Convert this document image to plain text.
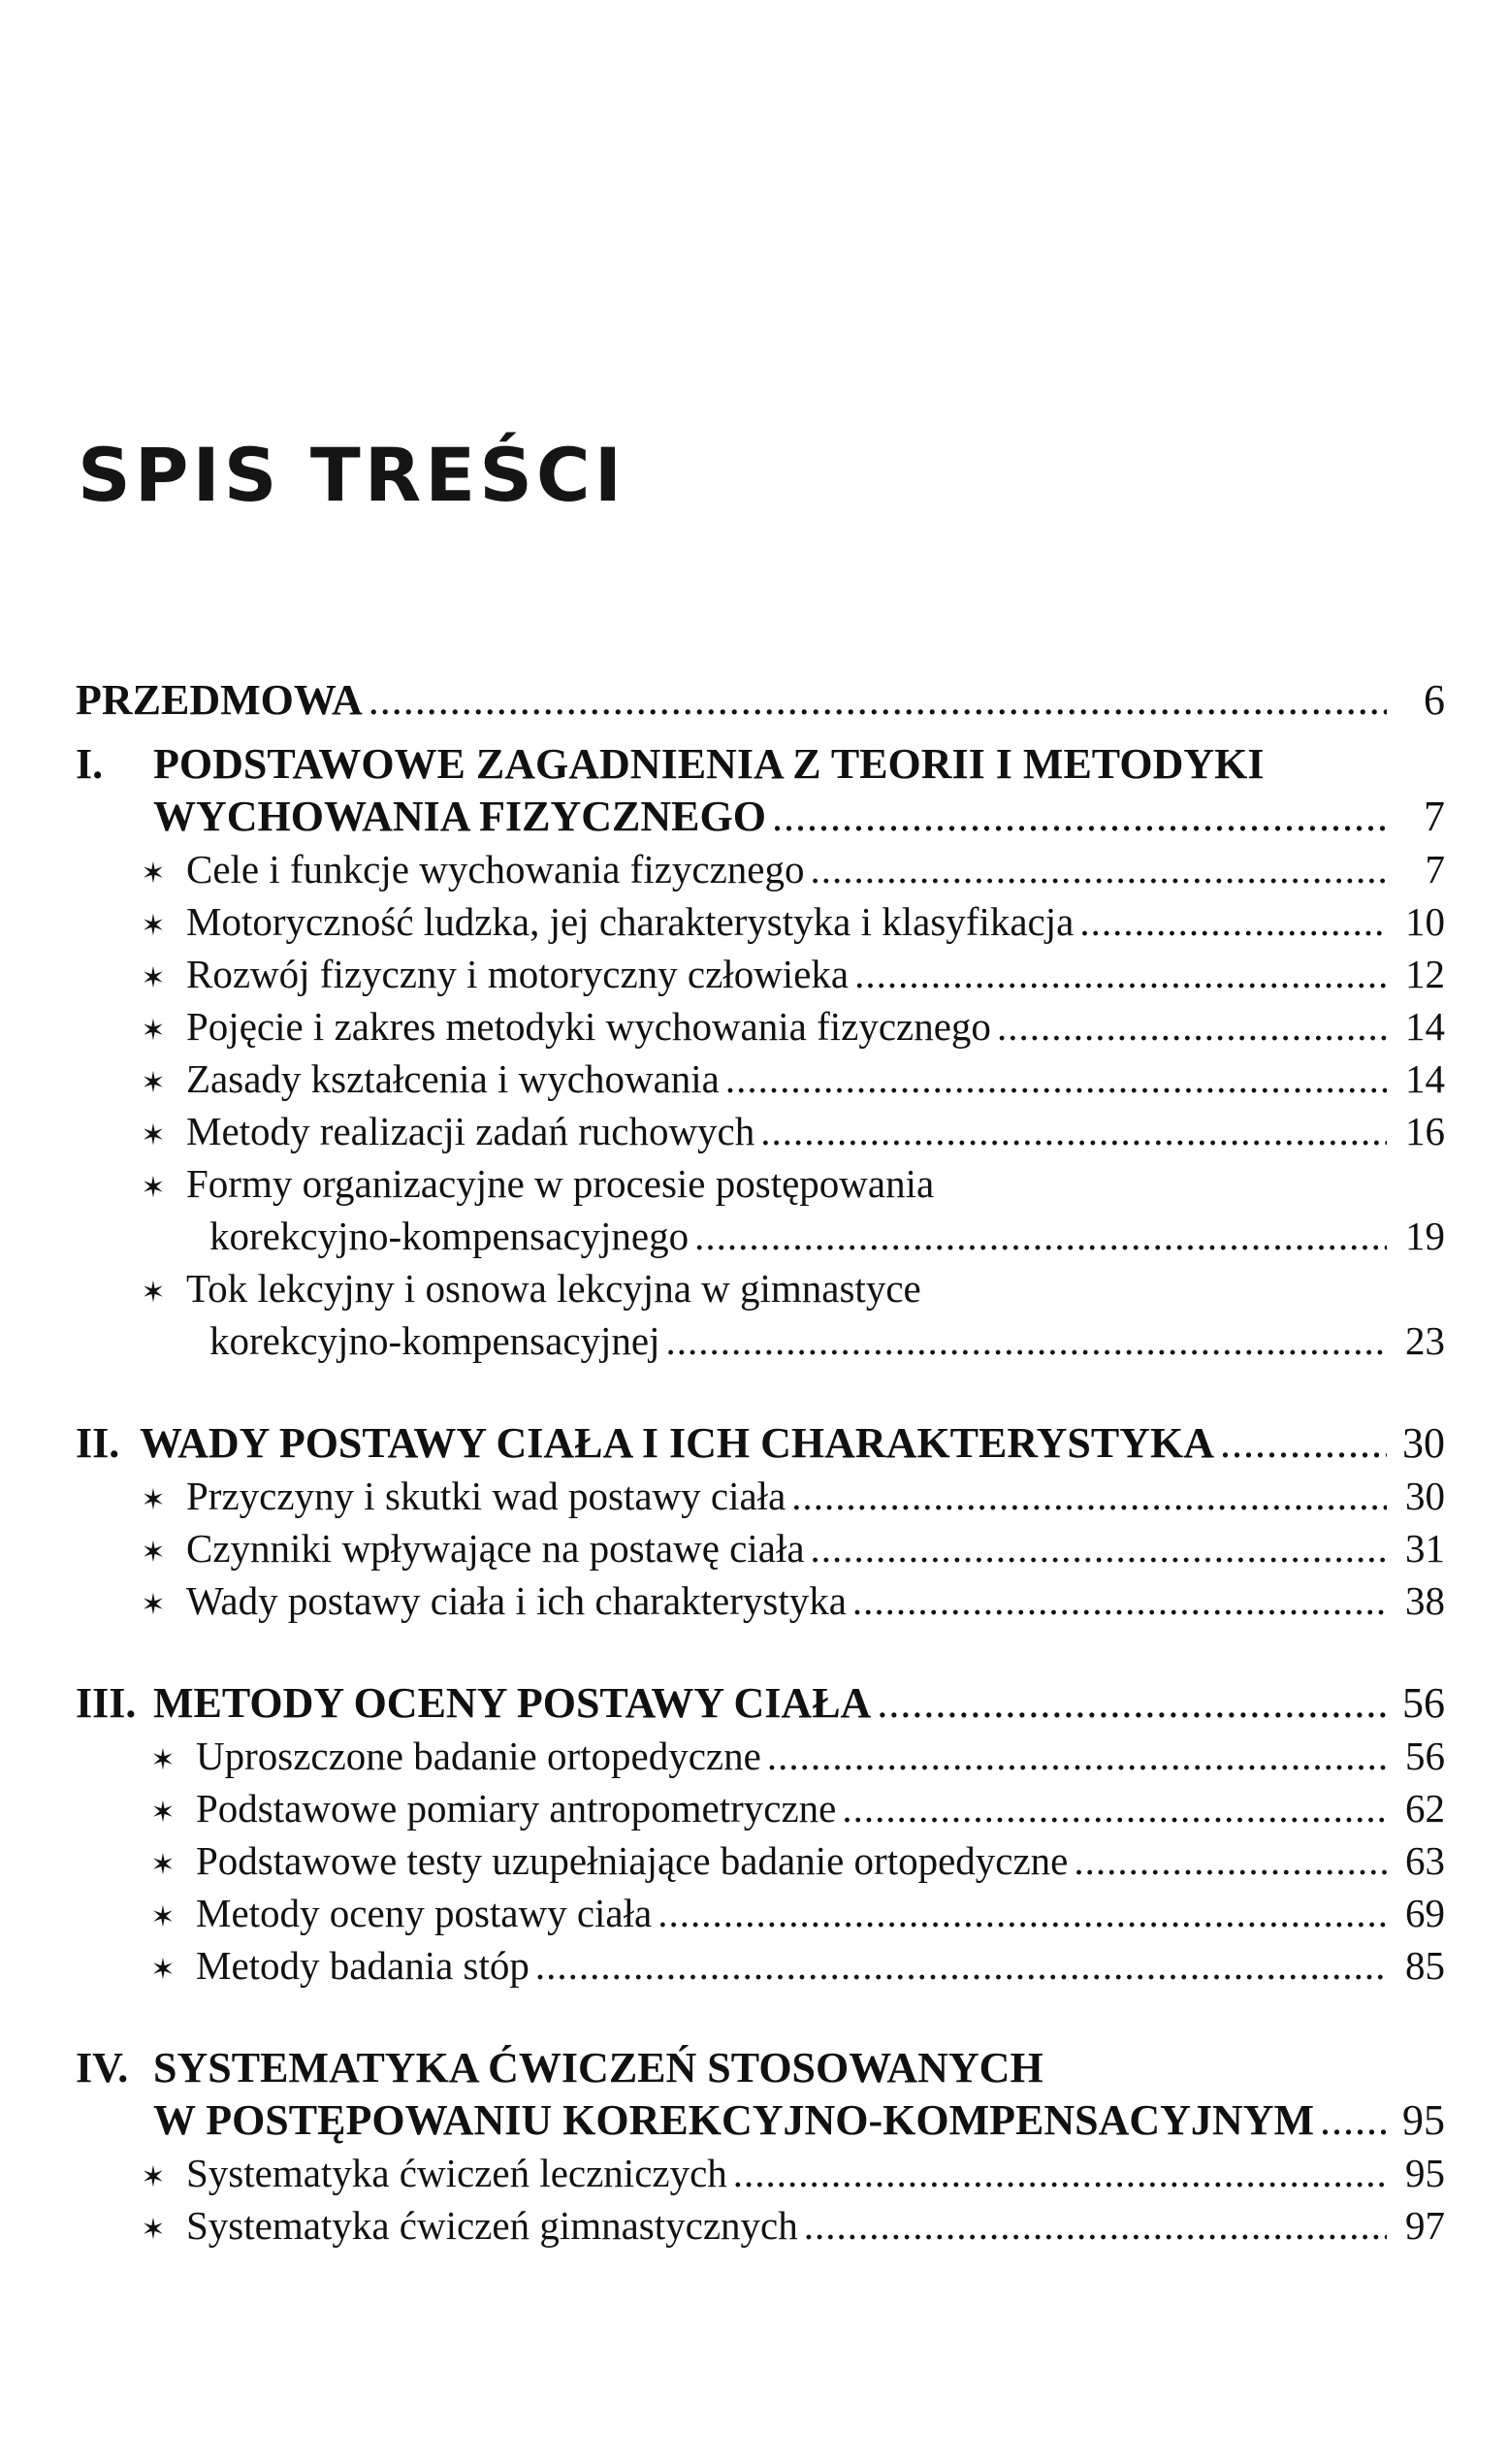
SPIS TREŚCI
PRZEDMOWA .....	6
I.	PODSTAWOWE ZAGADNIENIA Z TEORII I METODYKI
WYCHOWANIA FIZYCZNEGO .....	7
✶ Cele i funkcje wychowania fizycznego .....	7
✶ Motoryczność ludzka, jej charakterystyka i klasyfikacja .....	10
✶ Rozwój fizyczny i motoryczny człowieka .....	12
✶ Pojęcie i zakres metodyki wychowania fizycznego .....	14
✶ Zasady kształcenia i wychowania .....	14
✶ Metody realizacji zadań ruchowych .....	16
✶ Formy organizacyjne w procesie postępowania
korekcyjno-kompensacyjnego .....	19
✶ Tok lekcyjny i osnowa lekcyjna w gimnastyce
korekcyjno-kompensacyjnej .....	23
II. WADY POSTAWY CIAŁA I ICH CHARAKTERYSTYKA .....	30
✶ Przyczyny i skutki wad postawy ciała .....	30
✶ Czynniki wpływające na postawę ciała .....	31
✶ Wady postawy ciała i ich charakterystyka .....	38
III. METODY OCENY POSTAWY CIAŁA .....	56
✶ Uproszczone badanie ortopedyczne .....	56
✶ Podstawowe pomiary antropometryczne .....	62
✶ Podstawowe testy uzupełniające badanie ortopedyczne .....	63
✶ Metody oceny postawy ciała .....	69
✶ Metody badania stóp .....	85
IV. SYSTEMATYKA ĆWICZEŃ STOSOWANYCH
W POSTĘPOWANIU KOREKCYJNO-KOMPENSACYJNYM ..... 95
✶ Systematyka ćwiczeń leczniczych .....	95
✶ Systematyka ćwiczeń gimnastycznych .....	97
